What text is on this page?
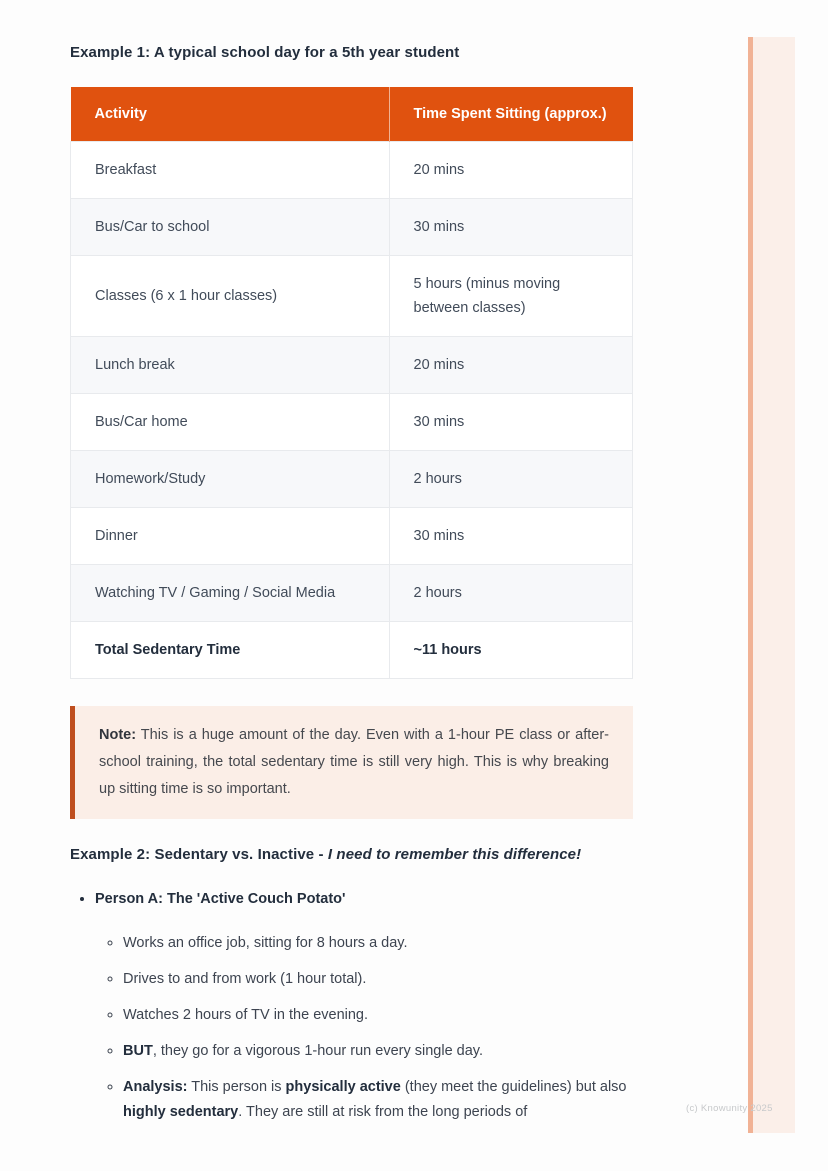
Example 1: A typical school day for a 5th year student
Activity	Time Spent Sitting (approx.)
Breakfast	20 mins
Bus/Car to school	30 mins
Classes (6 x 1 hour classes)	5 hours (minus moving between classes)
Lunch break	20 mins
Bus/Car home	30 mins
Homework/Study	2 hours
Dinner	30 mins
Watching TV / Gaming / Social Media	2 hours
Total Sedentary Time	~11 hours

Note: This is a huge amount of the day. Even with a 1-hour PE class or after-school training, the total sedentary time is still very high. This is why breaking up sitting time is so important.

Example 2: Sedentary vs. Inactive - I need to remember this difference!
• Person A: The 'Active Couch Potato'
◦ Works an office job, sitting for 8 hours a day.
◦ Drives to and from work (1 hour total).
◦ Watches 2 hours of TV in the evening.
◦ BUT, they go for a vigorous 1-hour run every single day.
◦ Analysis: This person is physically active (they meet the guidelines) but also highly sedentary. They are still at risk from the long periods of	(c) Knowunity 2025
